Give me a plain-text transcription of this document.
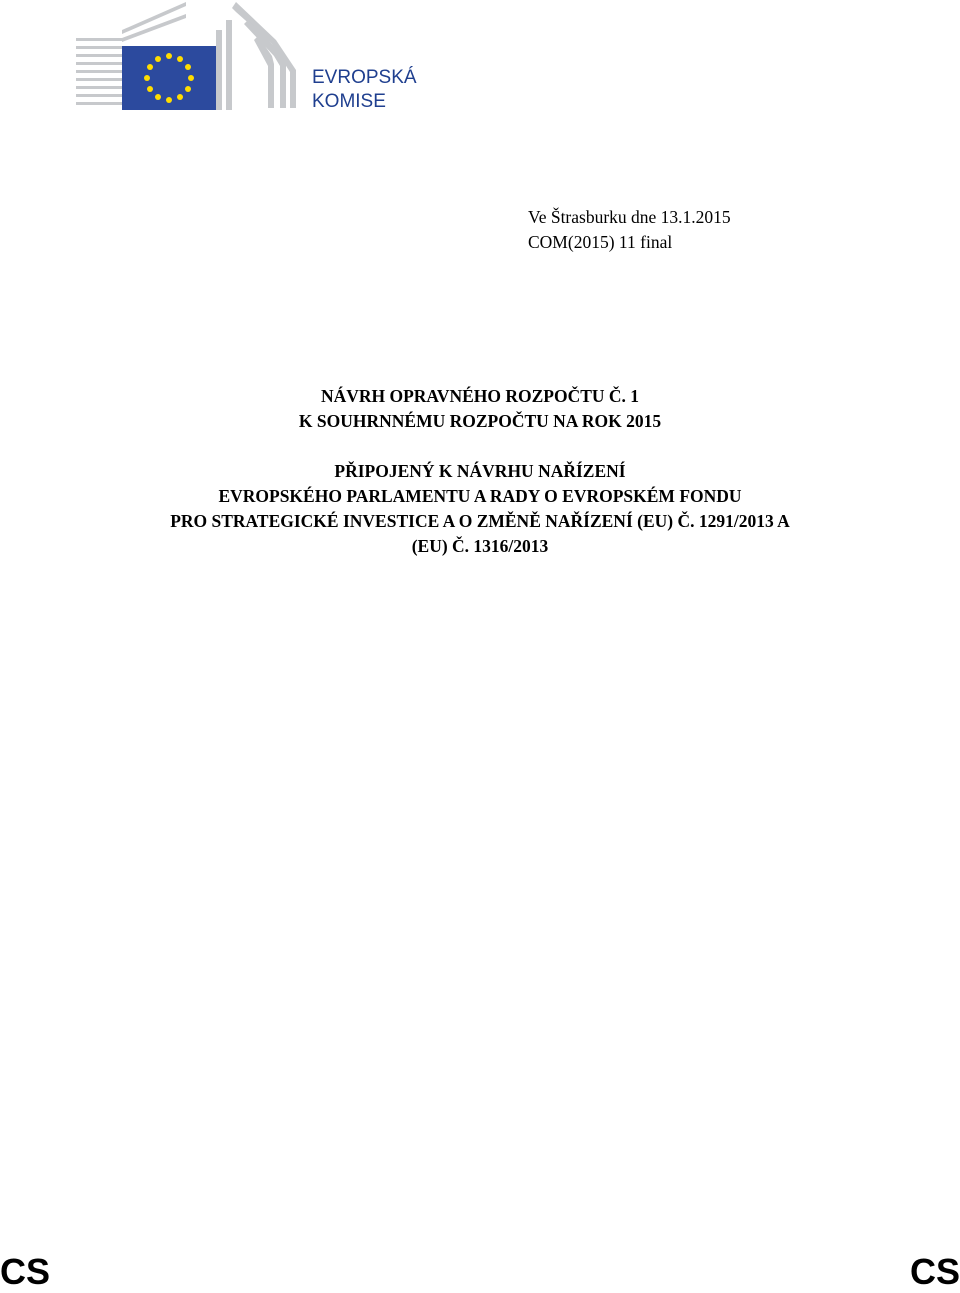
EVROPSKÁ
KOMISE
Ve Štrasburku dne 13.1.2015
COM(2015) 11 final
NÁVRH OPRAVNÉHO ROZPOČTU Č. 1
K SOUHRNNÉMU ROZPOČTU NA ROK 2015
PŘIPOJENÝ K NÁVRHU NAŘÍZENÍ
EVROPSKÉHO PARLAMENTU A RADY O EVROPSKÉM FONDU
PRO STRATEGICKÉ INVESTICE A O ZMĚNĚ NAŘÍZENÍ (EU) Č. 1291/2013 A
(EU) Č. 1316/2013
CS	CS
